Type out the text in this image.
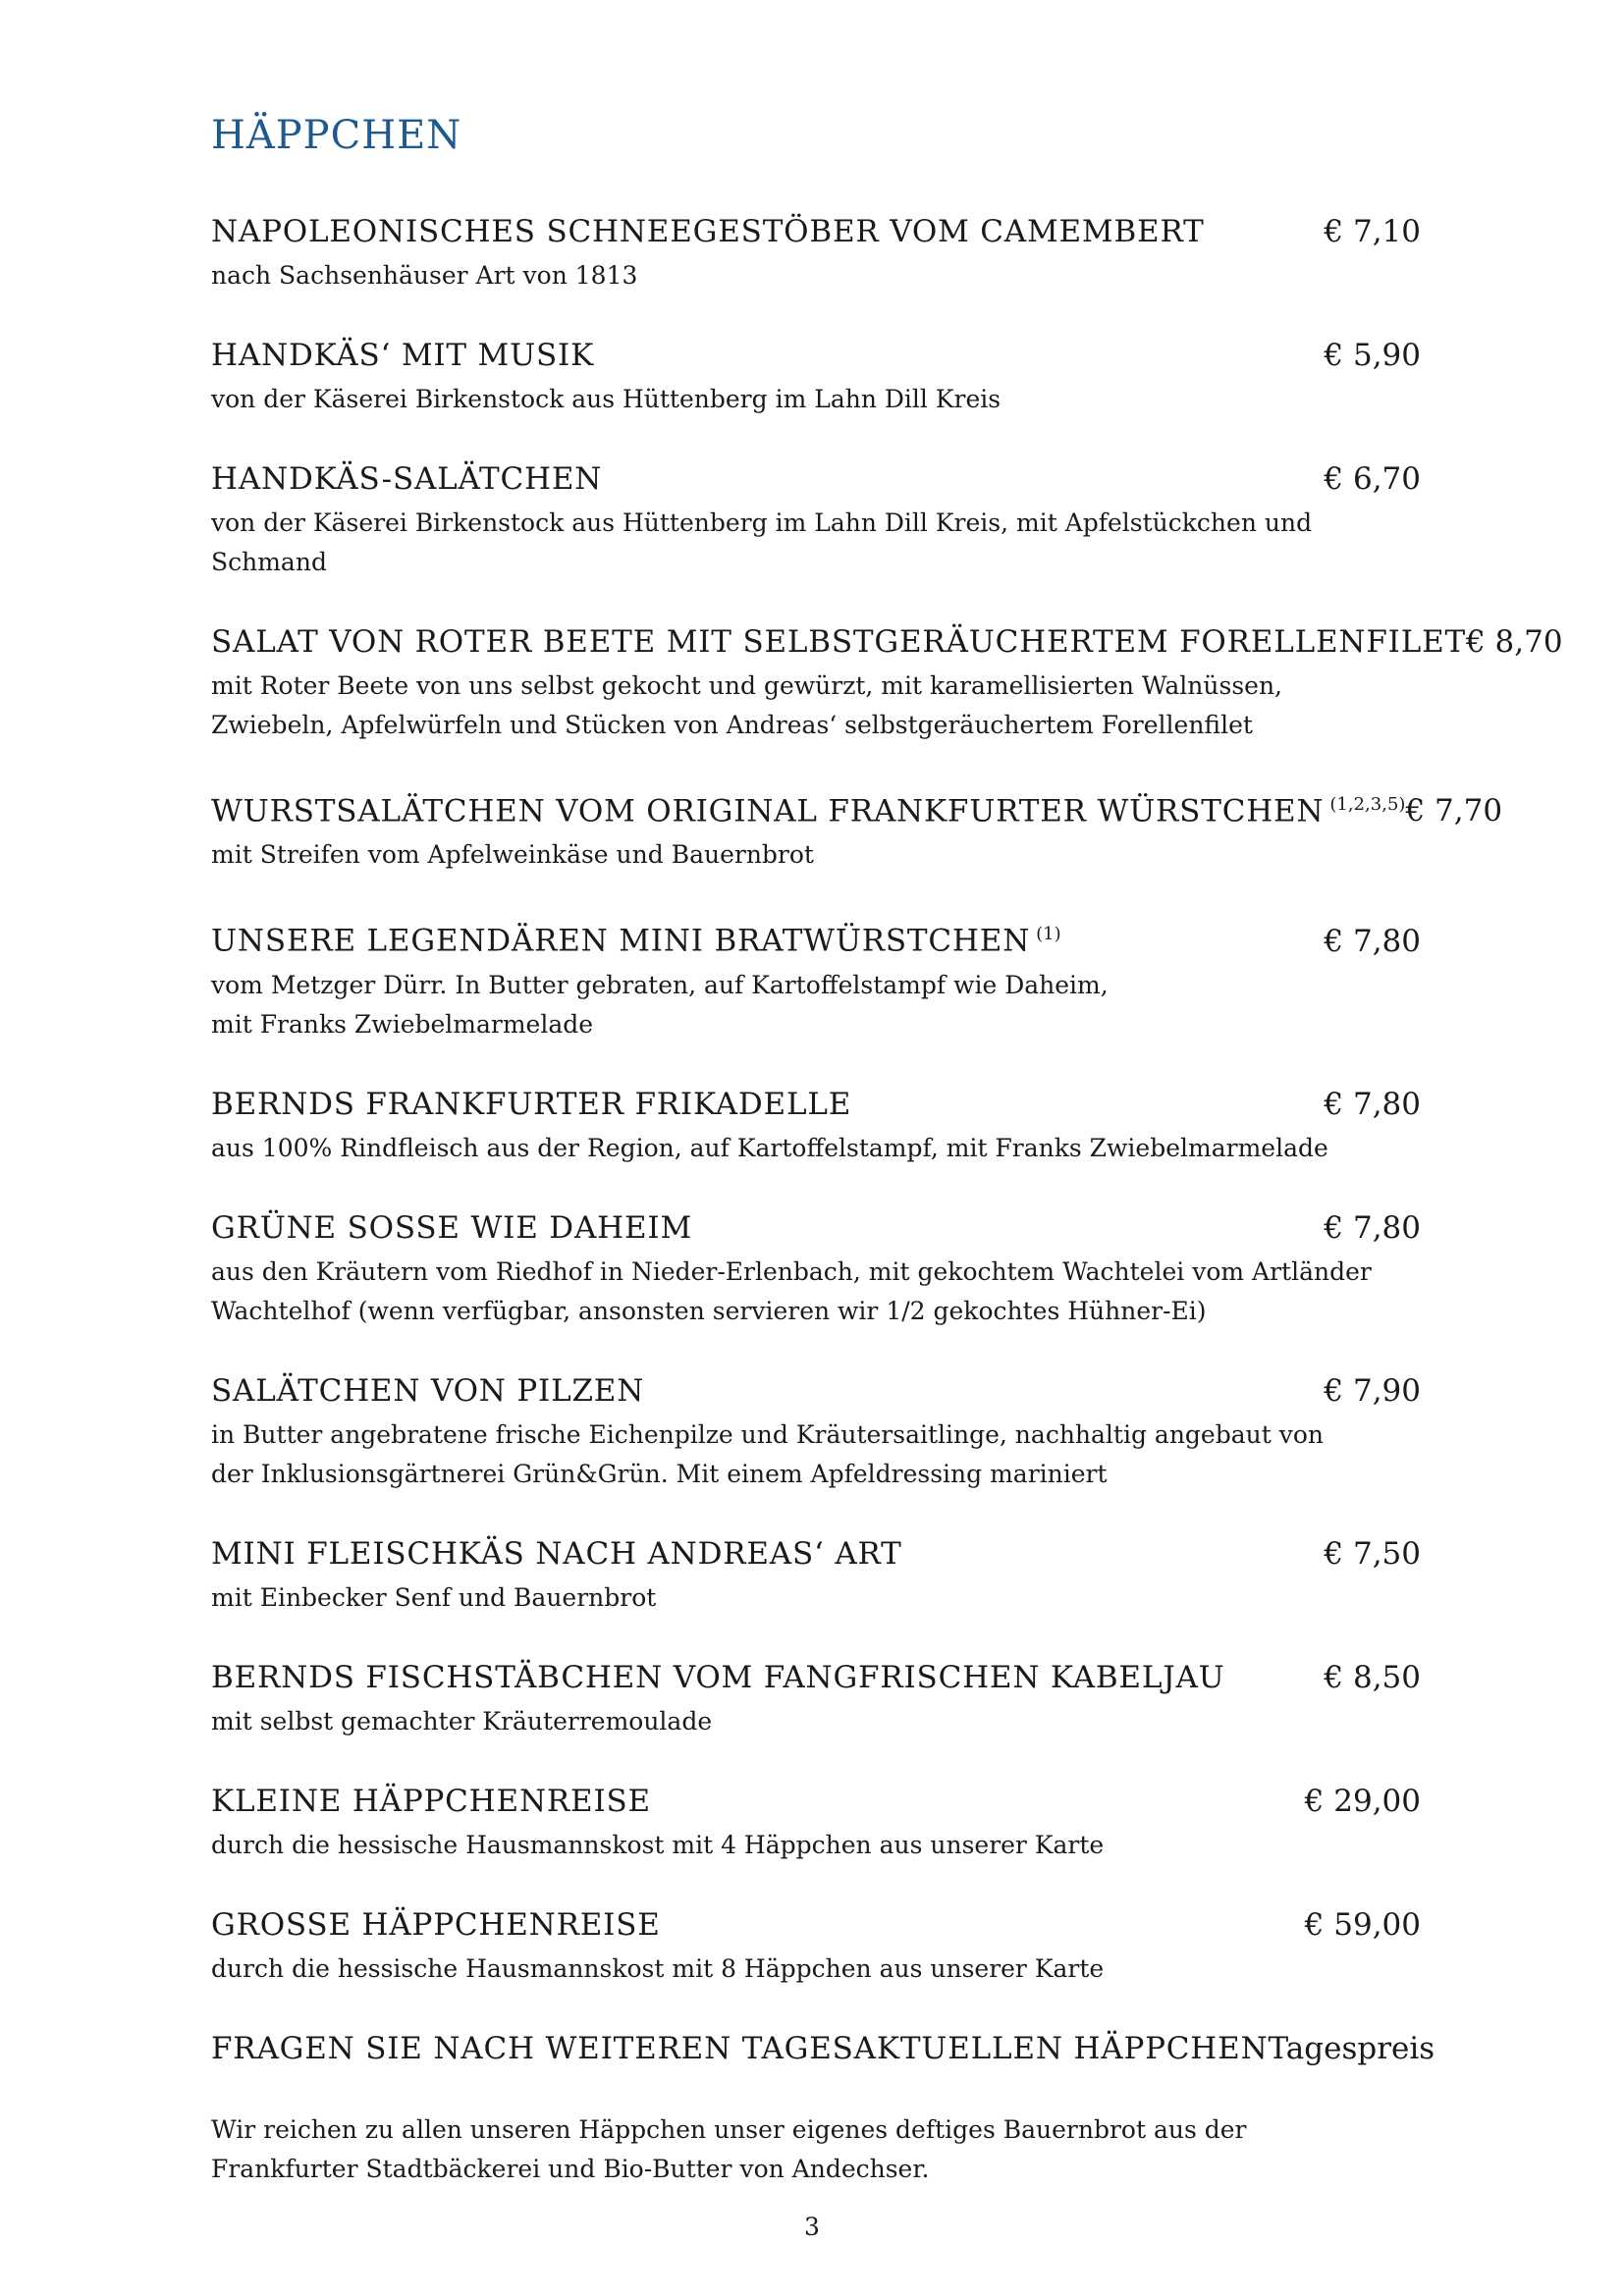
HÄPPCHEN
NAPOLEONISCHES SCHNEEGESTÖBER VOM CAMEMBERT	€ 7,10
nach Sachsenhäuser Art von 1813
HANDKÄS‘ MIT MUSIK	€ 5,90
von der Käserei Birkenstock aus Hüttenberg im Lahn Dill Kreis
HANDKÄS-SALÄTCHEN	€ 6,70
von der Käserei Birkenstock aus Hüttenberg im Lahn Dill Kreis, mit Apfelstückchen und Schmand
SALAT VON ROTER BEETE MIT SELBSTGERÄUCHERTEM FORELLENFILET € 8,70
mit Roter Beete von uns selbst gekocht und gewürzt, mit karamellisierten Walnüssen,
Zwiebeln, Apfelwürfeln und Stücken von Andreas‘ selbstgeräuchertem Forellenfilet
WURSTSALÄTCHEN VOM ORIGINAL FRANKFURTER WÜRSTCHEN $^{(1,2,3,5)}$ € 7,70
mit Streifen vom Apfelweinkäse und Bauernbrot
UNSERE LEGENDÄREN MINI BRATWÜRSTCHEN $^{(1)}$	€ 7,80
vom Metzger Dürr. In Butter gebraten, auf Kartoffelstampf wie Daheim,
mit Franks Zwiebelmarmelade
BERNDS FRANKFURTER FRIKADELLE	€ 7,80
aus 100% Rindfleisch aus der Region, auf Kartoffelstampf, mit Franks Zwiebelmarmelade
GRÜNE SOSSE WIE DAHEIM	€ 7,80
aus den Kräutern vom Riedhof in Nieder-Erlenbach, mit gekochtem Wachtelei vom Artländer
Wachtelhof (wenn verfügbar, ansonsten servieren wir 1/2 gekochtes Hühner-Ei)
SALÄTCHEN VON PILZEN	€ 7,90
in Butter angebratene frische Eichenpilze und Kräutersaitlinge, nachhaltig angebaut von
der Inklusionsgärtnerei Grün&Grün. Mit einem Apfeldressing mariniert
MINI FLEISCHKÄS NACH ANDREAS‘ ART	€ 7,50
mit Einbecker Senf und Bauernbrot
BERNDS FISCHSTÄBCHEN VOM FANGFRISCHEN KABELJAU	€ 8,50
mit selbst gemachter Kräuterremoulade
KLEINE HÄPPCHENREISE	€ 29,00
durch die hessische Hausmannskost mit 4 Häppchen aus unserer Karte
GROSSE HÄPPCHENREISE	€ 59,00
durch die hessische Hausmannskost mit 8 Häppchen aus unserer Karte
FRAGEN SIE NACH WEITEREN TAGESAKTUELLEN HÄPPCHEN Tagespreis
Wir reichen zu allen unseren Häppchen unser eigenes deftiges Bauernbrot aus der
Frankfurter Stadtbäckerei und Bio-Butter von Andechser.
3
